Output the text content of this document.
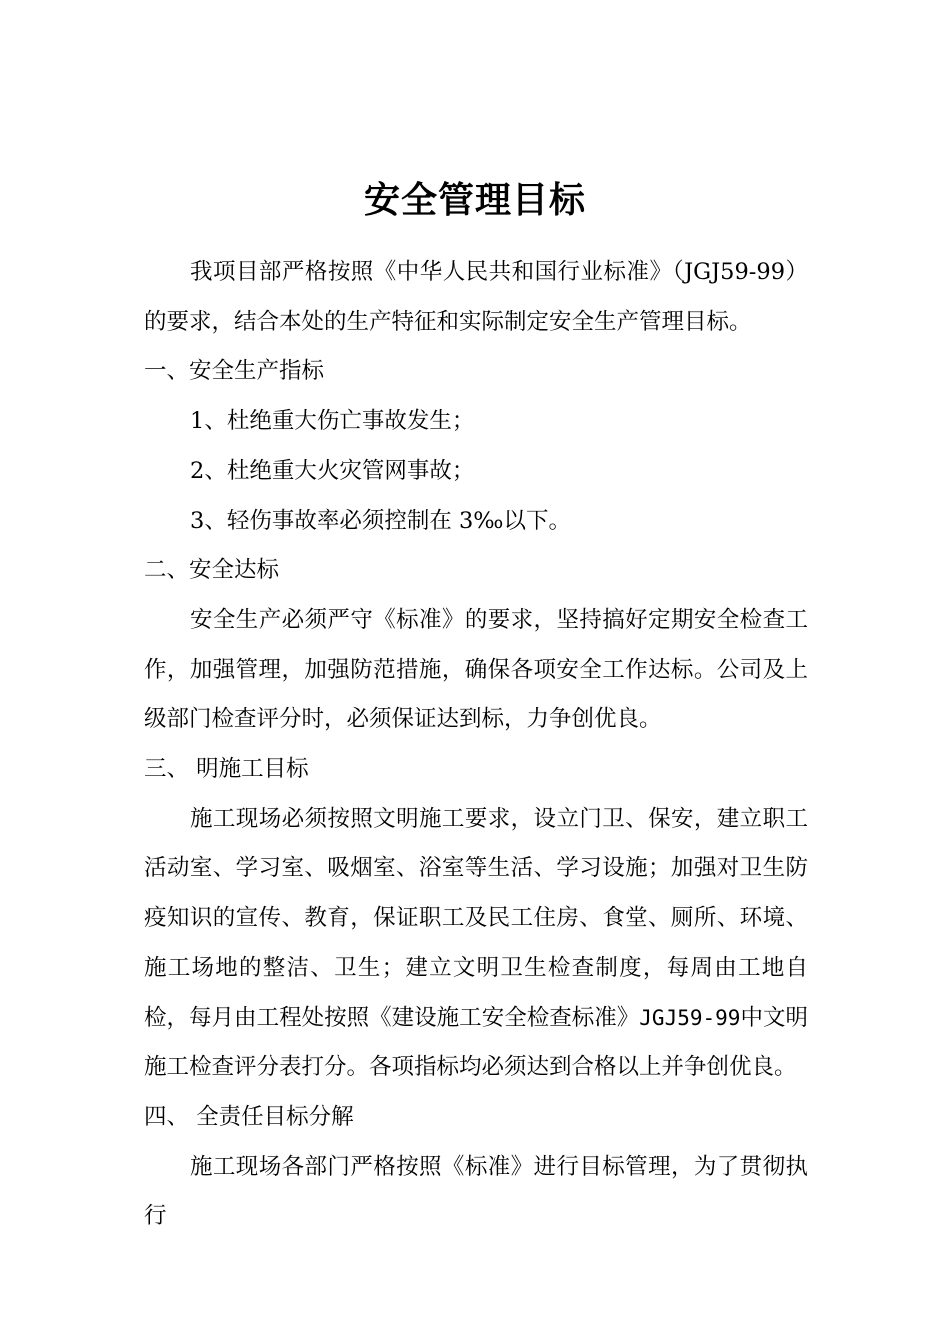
安全管理目标

我项目部严格按照《中华人民共和国行业标准》（JGJ59-99）的要求，结合本处的生产特征和实际制定安全生产管理目标。

一、安全生产指标

1、杜绝重大伤亡事故发生；

2、杜绝重大火灾管网事故；

3、轻伤事故率必须控制在 3‰以下。

二、安全达标

安全生产必须严守《标准》的要求，坚持搞好定期安全检查工作，加强管理，加强防范措施，确保各项安全工作达标。公司及上级部门检查评分时，必须保证达到标，力争创优良。

三、 明施工目标

施工现场必须按照文明施工要求，设立门卫、保安，建立职工活动室、学习室、吸烟室、浴室等生活、学习设施；加强对卫生防疫知识的宣传、教育，保证职工及民工住房、食堂、厕所、环境、施工场地的整洁、卫生；建立文明卫生检查制度，每周由工地自检，每月由工程处按照《建设施工安全检查标准》JGJ59-99中文明施工检查评分表打分。各项指标均必须达到合格以上并争创优良。

四、 全责任目标分解

施工现场各部门严格按照《标准》进行目标管理，为了贯彻执行
